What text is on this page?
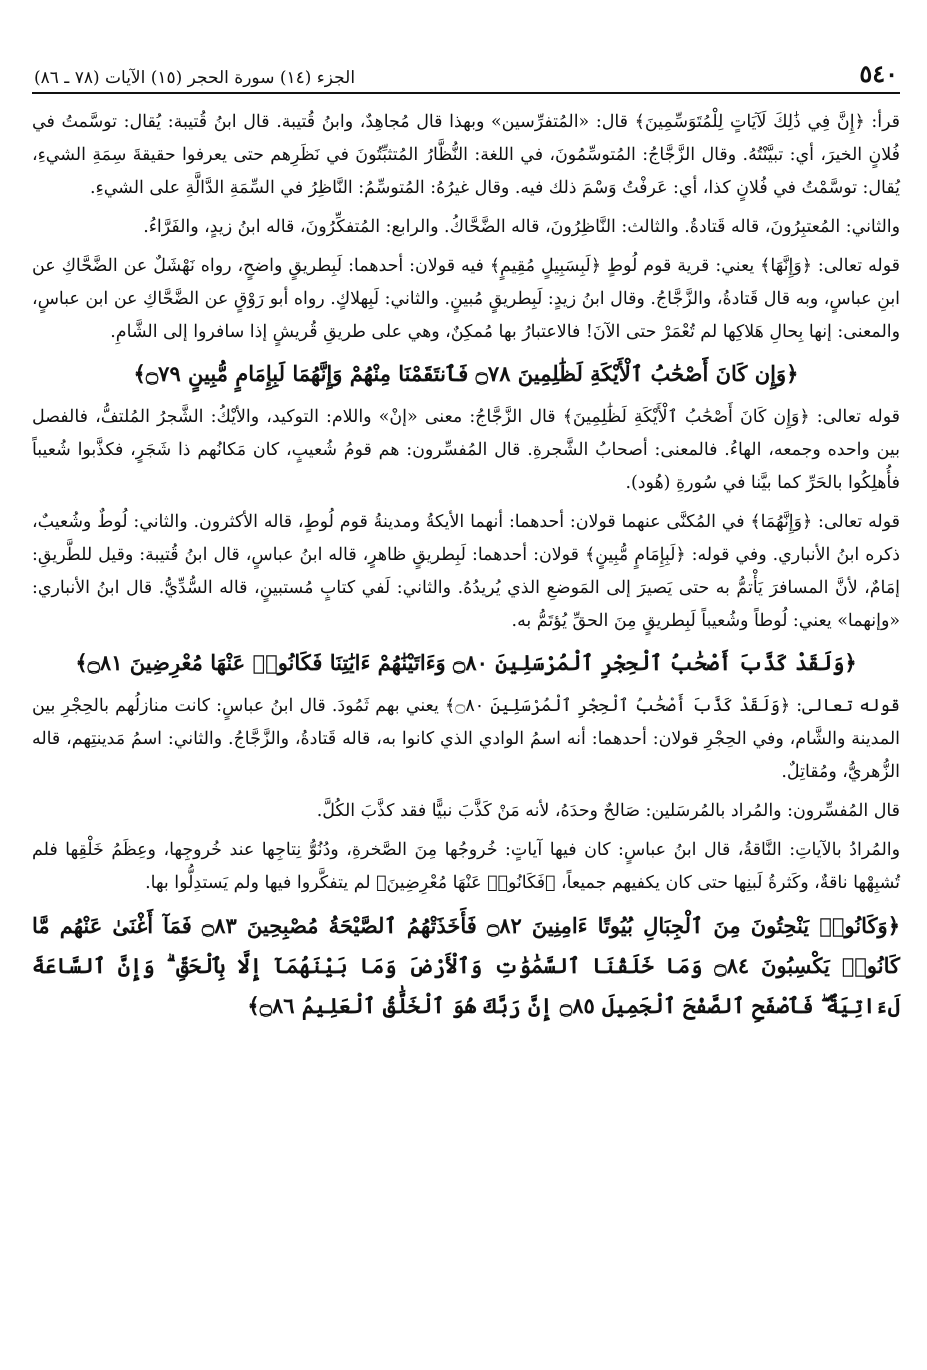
٥٤٠
الجزء (١٤) سورة الحجر (١٥) الآيات (٧٨ ـ ٨٦)

قرأ: ﴿إِنَّ فِي ذَٰلِكَ لَآيَاتٍ لِلْمُتَوَسِّمِينَ﴾ قال: «المُتفرِّسين» وبهذا قال مُجاهِدٌ، وابنُ قُتيبة. قال ابنُ قُتيبة: يُقال: توسَّمتُ في فُلانٍ الخيرَ، أي: تبيَّنْتُهُ. وقال الزَّجَّاجُ: المُتوسِّمُونَ، في اللغة: النُّظَّارُ المُتثبِّتُونَ في نَظَرِهم حتى يعرفوا حقيقةَ سِمَةِ الشيءِ، يُقال: توسَّمْتُ في فُلانٍ كذا، أي: عَرفْتُ وَسْمَ ذلك فيه. وقال غيرُهُ: المُتوسِّمُ: النَّاظِرُ في السِّمَةِ الدَّالَّةِ على الشيءِ.

والثاني: المُعتبِرُونَ، قاله قَتادةُ. والثالث: النَّاظِرُونَ، قاله الضَّحَّاكُ. والرابع: المُتفكِّرُونَ، قاله ابنُ زيدٍ، والفَرَّاءُ.

قوله تعالى: ﴿وَإِنَّهَا﴾ يعني: قرية قوم لُوطٍ ﴿لَبِسَبِيلٍ مُقِيمٍ﴾ فيه قولان: أحدهما: لَبِطريقٍ واضحٍ، رواه نَهْشَلٌ عن الضَّحَّاكِ عن ابنِ عباسٍ، وبه قال قَتادةُ، والزَّجَّاجُ. وقال ابنُ زيدٍ: لَبِطريقٍ مُبينٍ. والثاني: لَبِهلاكٍ. رواه أبو رَوْقٍ عن الضَّحَّاكِ عن ابن عباسٍ، والمعنى: إنها بِحالِ هَلاكِها لم تُعْمَرْ حتى الآنَ! فالاعتبارُ بها مُمكِنٌ، وهي على طريقِ قُريشٍ إذا سافروا إلى الشَّامِ.

﴿وَإِن كَانَ أَصْحَٰبُ ٱلْأَيْكَةِ لَظَٰلِمِينَ ۝٧٨ فَٱنتَقَمْنَا مِنْهُمْ وَإِنَّهُمَا لَبِإِمَامٍ مُّبِينٍ ۝٧٩﴾

قوله تعالى: ﴿وَإِن كَانَ أَصْحَٰبُ ٱلْأَيْكَةِ لَظَٰلِمِينَ﴾ قال الزَّجَّاجُ: معنى «إنْ» واللام: التوكيد، والأيْكُ: الشَّجرُ المُلتفُّ، فالفصل بين واحده وجمعه، الهاءُ. فالمعنى: أصحابُ الشَّجرةِ. قال المُفسِّرون: هم قومُ شُعيبٍ، كان مَكانُهم ذا شَجَرٍ، فكذَّبوا شُعيباً فأُهلِكُوا بالحَرِّ كما بيَّنا في سُورةِ (هُود).

قوله تعالى: ﴿وَإِنَّهُمَا﴾ في المُكنَّى عنهما قولان: أحدهما: أنهما الأيكةُ ومدينةُ قوم لُوطٍ، قاله الأكثرون. والثاني: لُوطٌ وشُعيبٌ، ذكره ابنُ الأنباري. وفي قوله: ﴿لَبِإِمَامٍ مُّبِينٍ﴾ قولان: أحدهما: لَبِطريقٍ ظاهرٍ، قاله ابنُ عباسٍ، قال ابنُ قُتيبة: وقيل للطَّريقِ: إمَامٌ، لأنَّ المسافرَ يَأْتمُّ به حتى يَصيرَ إلى المَوضعِ الذي يُريدُهُ. والثاني: لَفي كتابٍ مُستبينٍ، قاله السُّدِّيُّ. قال ابنُ الأنباري: «وإنهما» يعني: لُوطاً وشُعيباً لَبِطريقٍ مِنَ الحقِّ يُؤتَمُّ به.

﴿وَلَقَدْ كَذَّبَ أَصْحَٰبُ ٱلْحِجْرِ ٱلْمُرْسَلِينَ ۝٨٠ وَءَاتَيْنَٰهُمْ ءَايَٰتِنَا فَكَانُوا۟ عَنْهَا مُعْرِضِينَ ۝٨١﴾

قوله تعالى: ﴿وَلَقَدْ كَذَّبَ أَصْحَٰبُ ٱلْحِجْرِ ٱلْمُرْسَلِينَ ۝٨٠﴾ يعني بهم ثَمُودَ. قال ابنُ عباسٍ: كانت منازلُهم بالحِجْرِ بين المدينة والشَّام، وفي الحِجْرِ قولان: أحدهما: أنه اسمُ الوادي الذي كانوا به، قاله قَتادةُ، والزَّجَّاجُ. والثاني: اسمُ مَدينتِهم، قاله الزُّهريُّ، ومُقاتِلٌ.

قال المُفسِّرون: والمُراد بالمُرسَلين: صَالحٌ وحدَهُ، لأنه مَنْ كَذَّبَ نبيًّا فقد كذَّبَ الكُلَّ.

والمُرادُ بالآياتِ: النَّاقةُ، قال ابنُ عباسٍ: كان فيها آياتٍ: خُروجُها مِنَ الصَّخرةِ، ودُنُوُّ نِتاجِها عند خُروجِها، وعِظَمُ خَلْقِها فلم تُشبِهْها ناقةٌ، وكَثرةُ لَبنِها حتى كان يكفيهم جميعاً، ﴿فَكَانُوا۟ عَنْهَا مُعْرِضِينَ﴾ لم يتفكَّروا فيها ولم يَستدِلُّوا بها.

﴿وَكَانُوا۟ يَنْحِتُونَ مِنَ ٱلْجِبَالِ بُيُوتًا ءَامِنِينَ ۝٨٢ فَأَخَذَتْهُمُ ٱلصَّيْحَةُ مُصْبِحِينَ ۝٨٣ فَمَآ أَغْنَىٰ عَنْهُم مَّا كَانُوا۟ يَكْسِبُونَ ۝٨٤ وَمَا خَلَقْنَا ٱلسَّمَٰوَٰتِ وَٱلْأَرْضَ وَمَا بَيْنَهُمَآ إِلَّا بِٱلْحَقِّ ۗ وَإِنَّ ٱلسَّاعَةَ لَءَاتِيَةٌ ۖ فَٱصْفَحِ ٱلصَّفْحَ ٱلْجَمِيلَ ۝٨٥ إِنَّ رَبَّكَ هُوَ ٱلْخَلَّٰقُ ٱلْعَلِيمُ ۝٨٦﴾
